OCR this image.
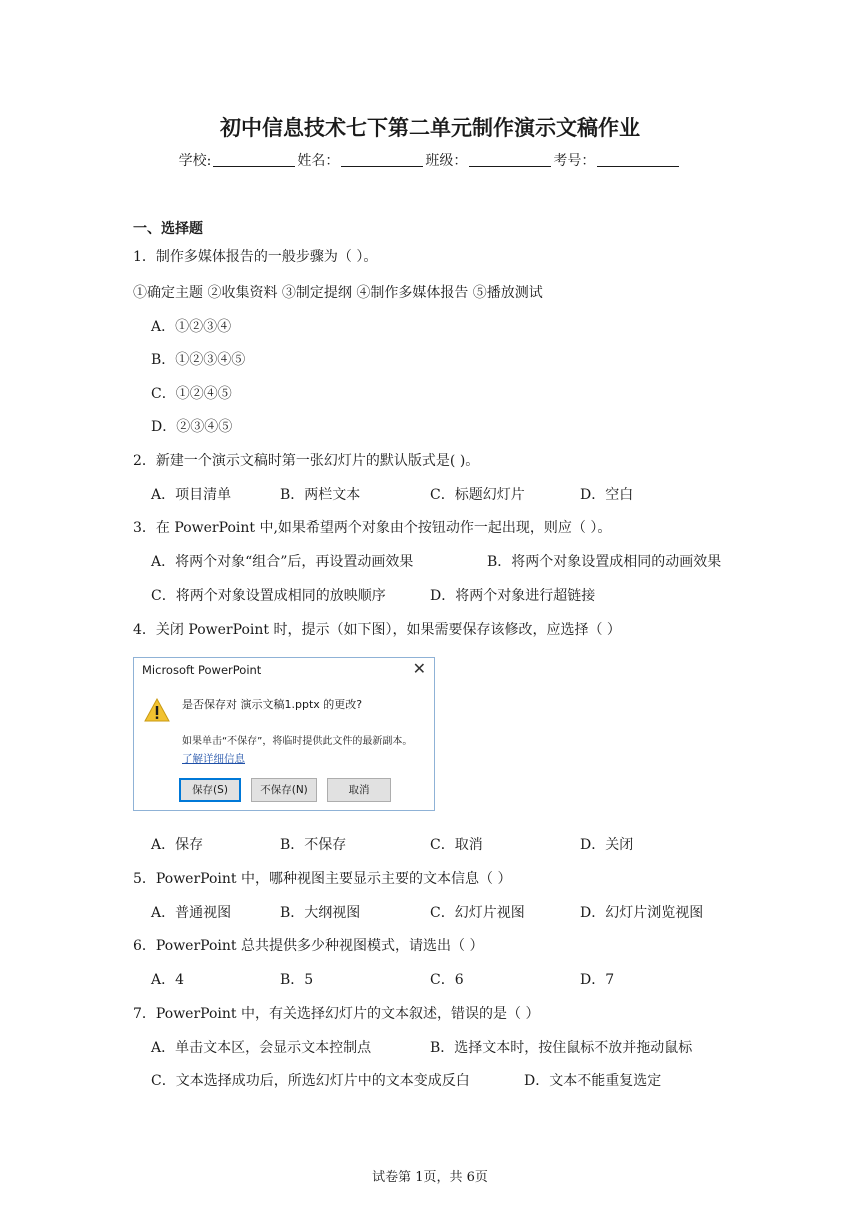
初中信息技术七下第二单元制作演示文稿作业
学校:	姓名：	班级：	考号：
一、选择题
1．制作多媒体报告的一般步骤为（ ）。
①确定主题 ②收集资料 ③制定提纲 ④制作多媒体报告 ⑤播放测试
A．①②③④
B．①②③④⑤
C．①②④⑤
D．②③④⑤
2．新建一个演示文稿时第一张幻灯片的默认版式是( )。
A．项目清单	B．两栏文本	C．标题幻灯片	D．空白
3．在 PowerPoint 中,如果希望两个对象由个按钮动作一起出现，则应（ ）。
A．将两个对象“组合”后，再设置动画效果	B．将两个对象设置成相同的动画效果
C．将两个对象设置成相同的放映顺序	D．将两个对象进行超链接
4．关闭 PowerPoint 时，提示（如下图），如果需要保存该修改，应选择（ ）
Microsoft PowerPoint	✕
是否保存对 演示文稿1.pptx 的更改?
如果单击“不保存”，将临时提供此文件的最新副本。
了解详细信息
保存(S)	不保存(N)	取消
A．保存	B．不保存	C．取消	D．关闭
5．PowerPoint 中，哪种视图主要显示主要的文本信息（ ）
A．普通视图	B．大纲视图	C．幻灯片视图	D．幻灯片浏览视图
6．PowerPoint 总共提供多少种视图模式，请选出（ ）
A．4	B．5	C．6	D．7
7．PowerPoint 中，有关选择幻灯片的文本叙述，错误的是（ ）
A．单击文本区，会显示文本控制点	B．选择文本时，按住鼠标不放并拖动鼠标
C．文本选择成功后，所选幻灯片中的文本变成反白	D．文本不能重复选定
试卷第 1页，共 6页
